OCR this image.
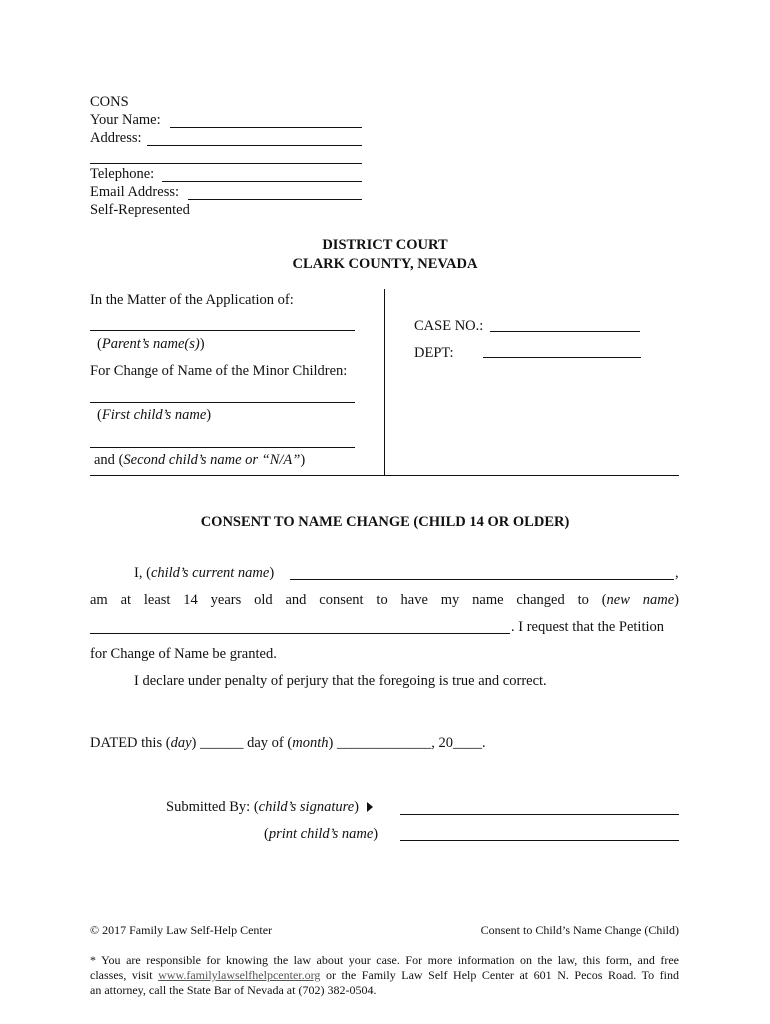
CONS
Your Name:
Address:
Telephone:
Email Address:
Self-Represented
DISTRICT COURT
CLARK COUNTY, NEVADA
In the Matter of the Application of:
(Parent’s name(s))
For Change of Name of the Minor Children:
(First child’s name)
and (Second child’s name or “N/A”)
CASE NO.:
DEPT:
CONSENT TO NAME CHANGE (CHILD 14 OR OLDER)
I, (child’s current name)	,
am at least 14 years old and consent to have my name changed to (new name)
. I request that the Petition
for Change of Name be granted.
I declare under penalty of perjury that the foregoing is true and correct.
DATED this (day) ______ day of (month) _____________, 20____.
Submitted By: (child’s signature)
(print child’s name)
© 2017 Family Law Self-Help Center	Consent to Child’s Name Change (Child)
* You are responsible for knowing the law about your case. For more information on the law, this form, and free
classes, visit www.familylawselfhelpcenter.org or the Family Law Self Help Center at 601 N. Pecos Road. To find
an attorney, call the State Bar of Nevada at (702) 382-0504.
